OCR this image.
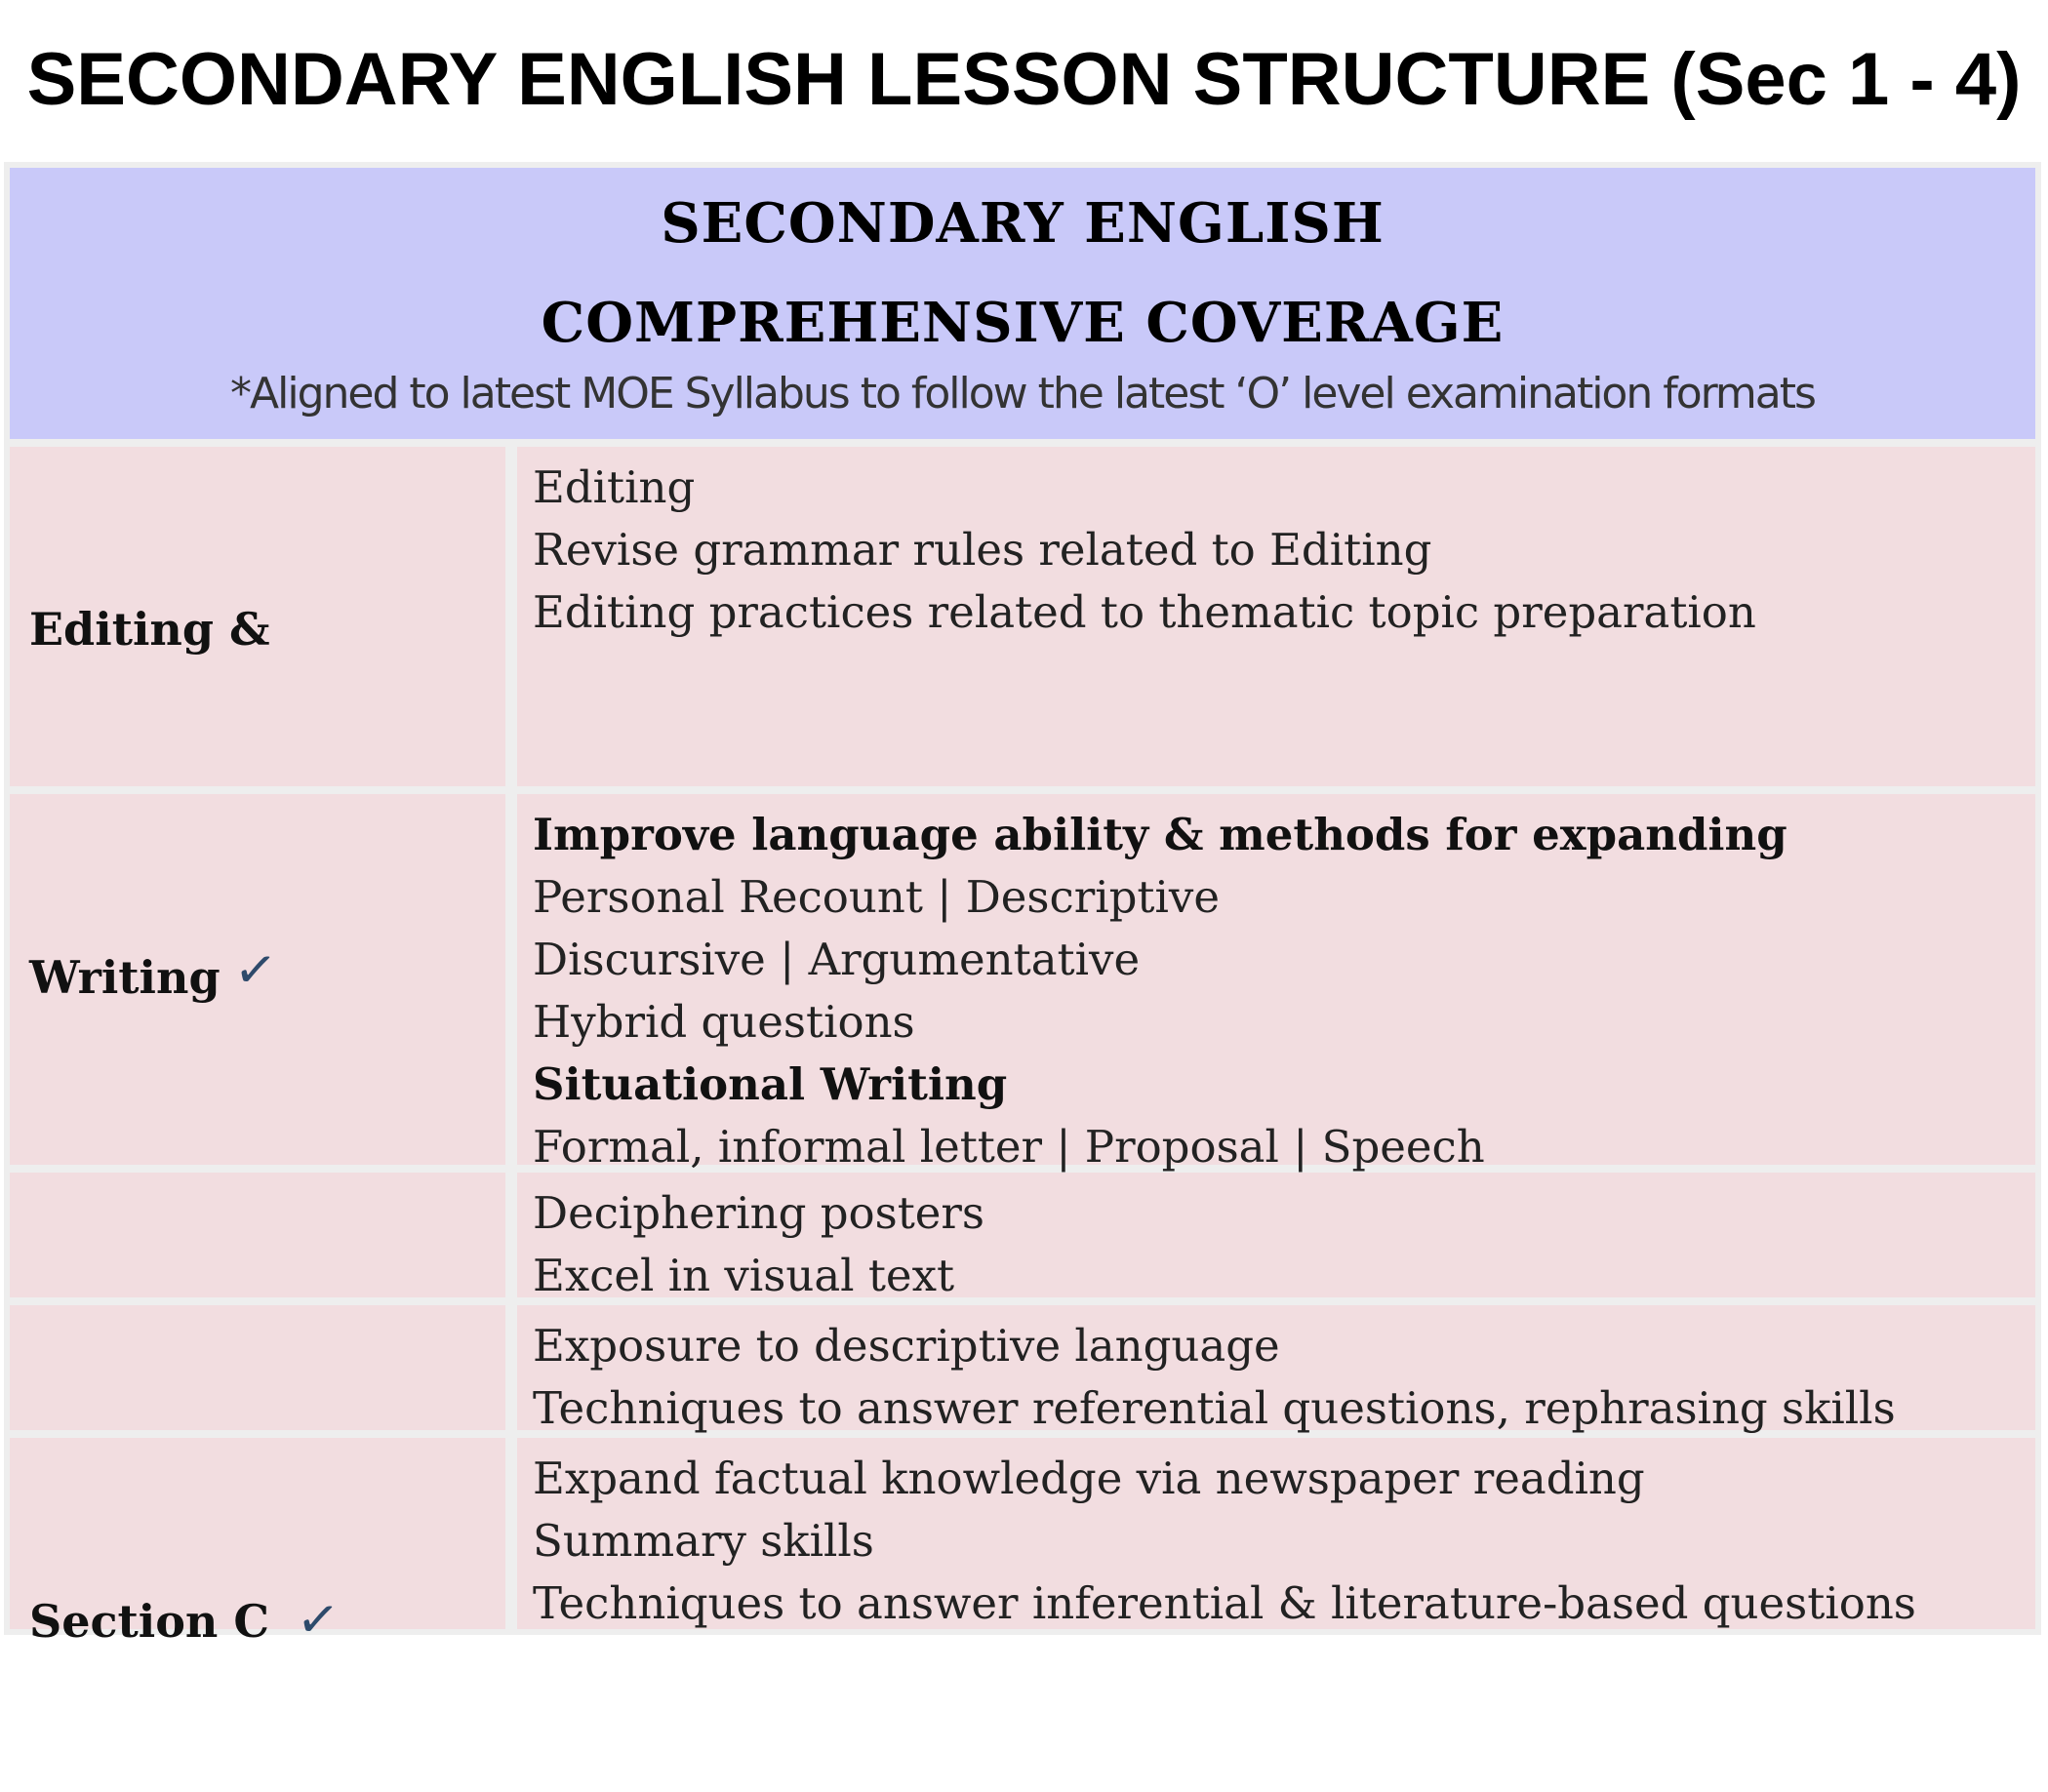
SECONDARY ENGLISH LESSON STRUCTURE (Sec 1 - 4)
SECONDARY ENGLISH
COMPREHENSIVE COVERAGE
*Aligned to latest MOE Syllabus to follow the latest ‘O’ level examination formats

Editing &

Editing
Revise grammar rules related to Editing
Editing practices related to thematic topic preparation

Writing ✓

Improve language ability & methods for expanding
Personal Recount | Descriptive
Discursive | Argumentative
Hybrid questions
Situational Writing
Formal, informal letter | Proposal | Speech

Deciphering posters
Excel in visual text

Exposure to descriptive language
Techniques to answer referential questions, rephrasing skills

Section C ✓

Expand factual knowledge via newspaper reading
Summary skills
Techniques to answer inferential & literature-based questions
